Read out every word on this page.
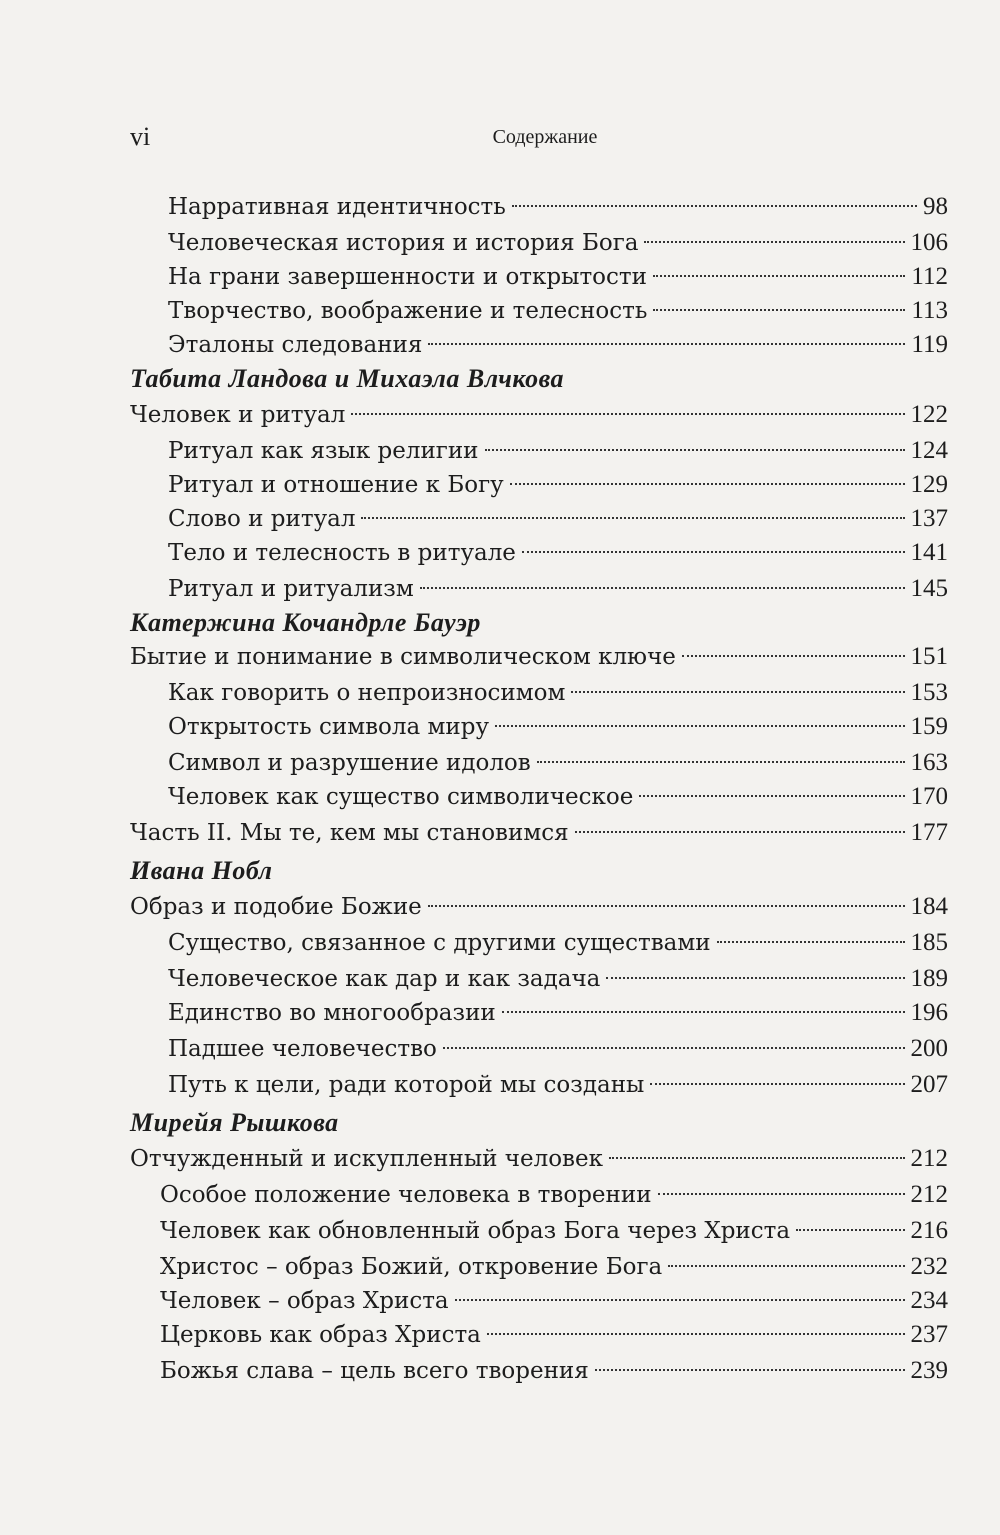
vi	Содержание
Нарративная идентичность	98
Человеческая история и история Бога	106
На грани завершенности и открытости	112
Творчество, воображение и телесность	113
Эталоны следования	119
Табита Ландова и Михаэла Влчкова
Человек и ритуал	122
Ритуал как язык религии	124
Ритуал и отношение к Богу	129
Слово и ритуал	137
Тело и телесность в ритуале	141
Ритуал и ритуализм	145
Катержина Кочандрле Бауэр
Бытие и понимание в символическом ключе	151
Как говорить о непроизносимом	153
Открытость символа миру	159
Символ и разрушение идолов	163
Человек как существо символическое	170
Часть II. Мы те, кем мы становимся	177
Ивана Нобл
Образ и подобие Божие	184
Существо, связанное с другими существами	185
Человеческое как дар и как задача	189
Единство во многообразии	196
Падшее человечество	200
Путь к цели, ради которой мы созданы	207
Мирейя Рышкова
Отчужденный и искупленный человек	212
Особое положение человека в творении	212
Человек как обновленный образ Бога через Христа	216
Христос – образ Божий, откровение Бога	232
Человек – образ Христа	234
Церковь как образ Христа	237
Божья слава – цель всего творения	239
